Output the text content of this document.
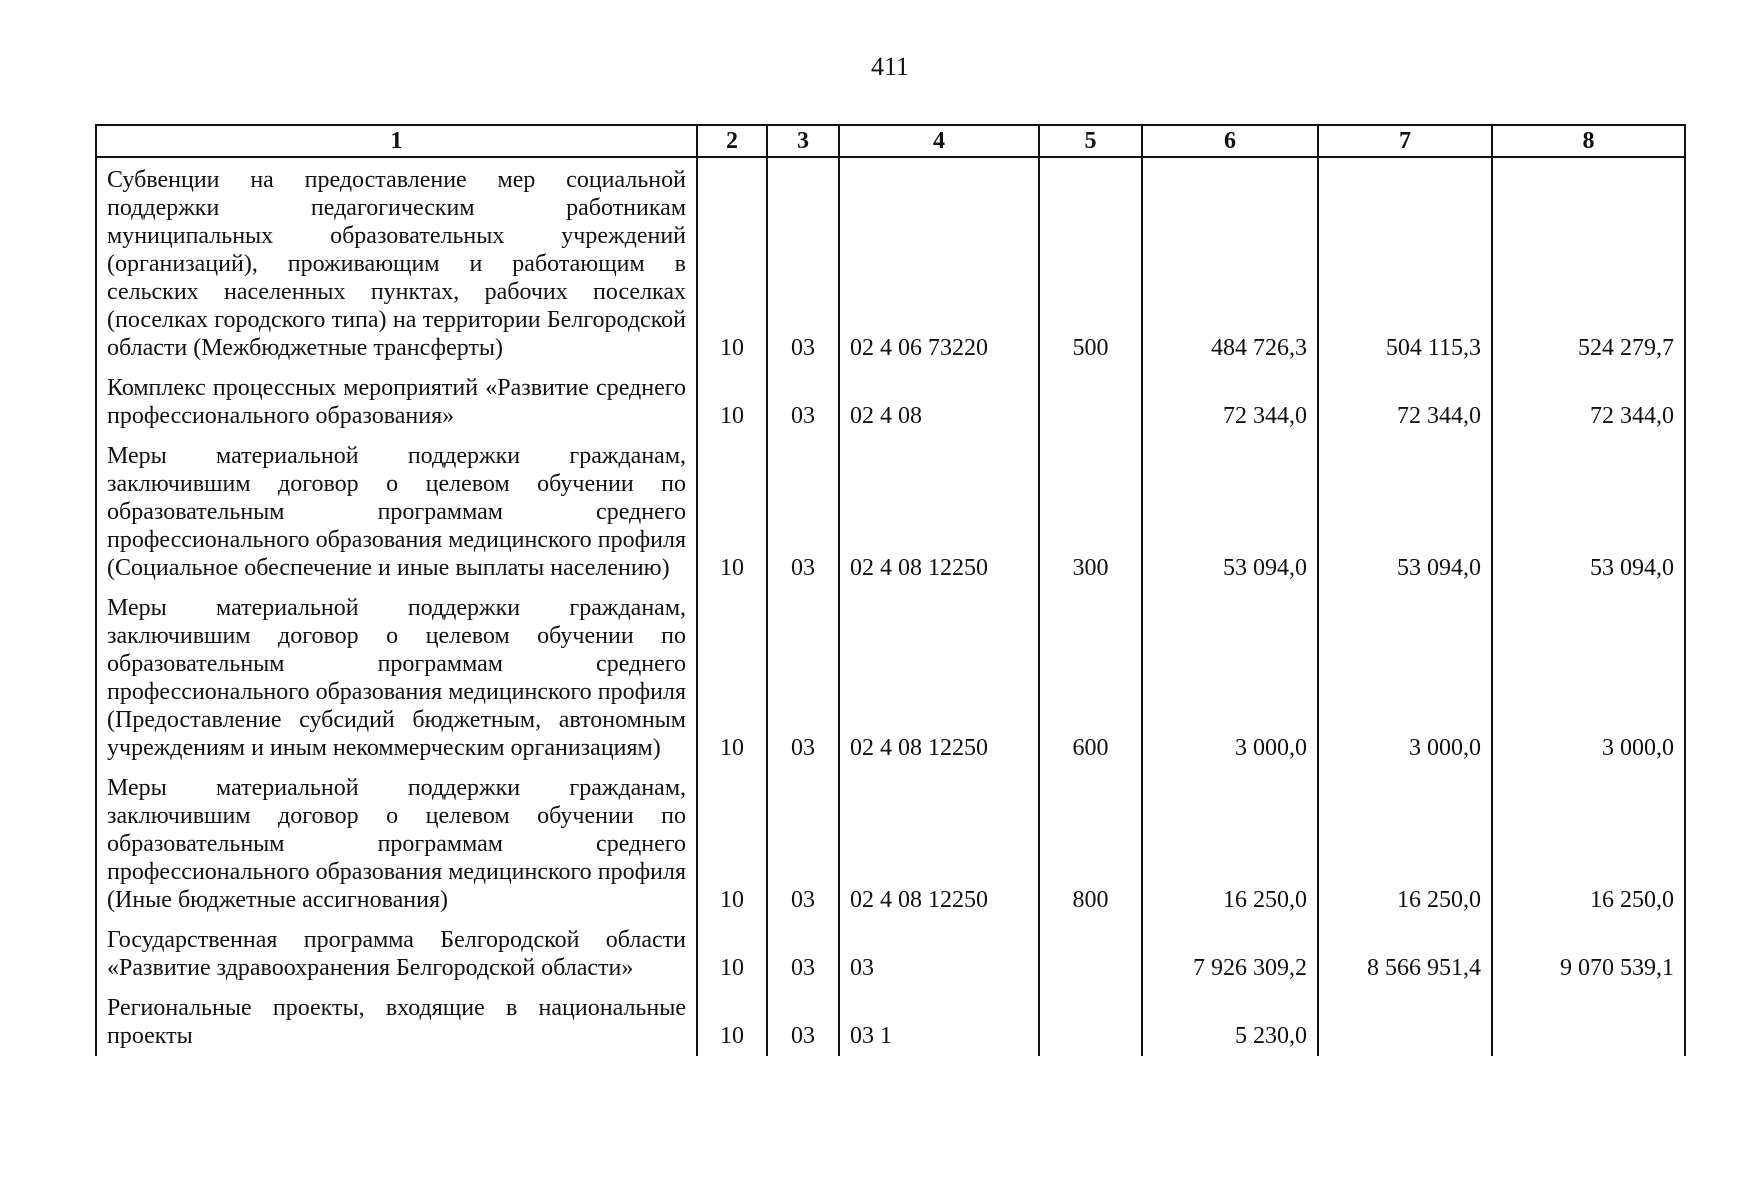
411
1	2	3	4	5	6	7	8
Субвенции на предоставление мер социальной поддержки педагогическим работникам муниципальных образовательных учреждений (организаций), проживающим и работающим в сельских населенных пунктах, рабочих поселках (поселках городского типа) на территории Белгородской области (Межбюджетные трансферты)	10	03	02 4 06 73220	500	484 726,3	504 115,3	524 279,7
Комплекс процессных мероприятий «Развитие среднего профессионального образования»	10	03	02 4 08		72 344,0	72 344,0	72 344,0
Меры материальной поддержки гражданам, заключившим договор о целевом обучении по образовательным программам среднего профессионального образования медицинского профиля (Социальное обеспечение и иные выплаты населению)	10	03	02 4 08 12250	300	53 094,0	53 094,0	53 094,0
Меры материальной поддержки гражданам, заключившим договор о целевом обучении по образовательным программам среднего профессионального образования медицинского профиля (Предоставление субсидий бюджетным, автономным учреждениям и иным некоммерческим организациям)	10	03	02 4 08 12250	600	3 000,0	3 000,0	3 000,0
Меры материальной поддержки гражданам, заключившим договор о целевом обучении по образовательным программам среднего профессионального образования медицинского профиля (Иные бюджетные ассигнования)	10	03	02 4 08 12250	800	16 250,0	16 250,0	16 250,0
Государственная программа Белгородской области «Развитие здравоохранения Белгородской области»	10	03	03		7 926 309,2	8 566 951,4	9 070 539,1
Региональные проекты, входящие в национальные проекты	10	03	03 1		5 230,0		
